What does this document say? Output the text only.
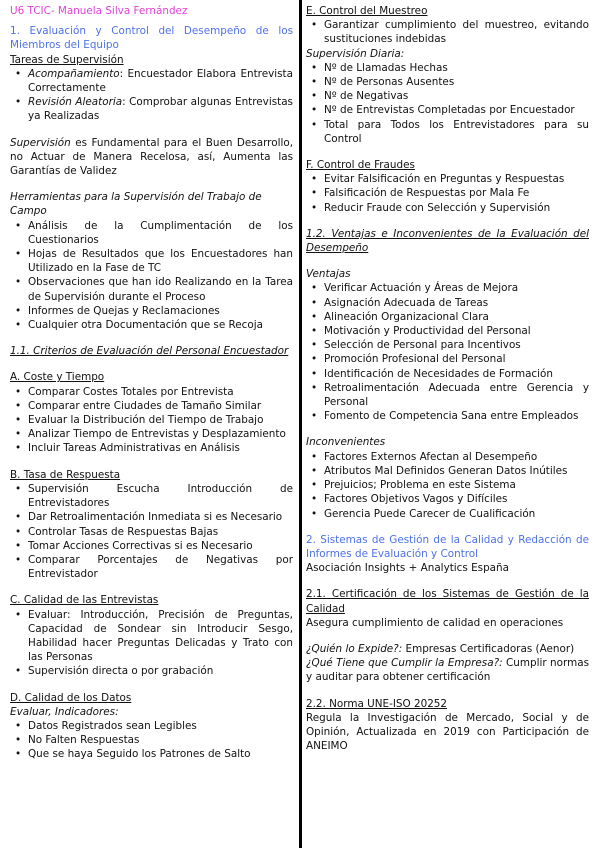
U6 TCIC- Manuela Silva Fernández

1. Evaluación y Control del Desempeño de los Miembros del Equipo

Tareas de Supervisión

• Acompañamiento: Encuestador Elabora Entrevista Correctamente
• Revisión Aleatoria: Comprobar algunas Entrevistas ya Realizadas

Supervisión es Fundamental para el Buen Desarrollo, no Actuar de Manera Recelosa, así, Aumenta las Garantías de Validez

Herramientas para la Supervisión del Trabajo de Campo

• Análisis de la Cumplimentación de los Cuestionarios
• Hojas de Resultados que los Encuestadores han Utilizado en la Fase de TC
• Observaciones que han ido Realizando en la Tarea de Supervisión durante el Proceso
• Informes de Quejas y Reclamaciones
• Cualquier otra Documentación que se Recoja

1.1. Criterios de Evaluación del Personal Encuestador

A. Coste y Tiempo

• Comparar Costes Totales por Entrevista
• Comparar entre Ciudades de Tamaño Similar
• Evaluar la Distribución del Tiempo de Trabajo
• Analizar Tiempo de Entrevistas y Desplazamiento
• Incluir Tareas Administrativas en Análisis

B. Tasa de Respuesta

• Supervisión Escucha Introducción de Entrevistadores
• Dar Retroalimentación Inmediata si es Necesario
• Controlar Tasas de Respuestas Bajas
• Tomar Acciones Correctivas si es Necesario
• Comparar Porcentajes de Negativas por Entrevistador

C. Calidad de las Entrevistas

• Evaluar: Introducción, Precisión de Preguntas, Capacidad de Sondear sin Introducir Sesgo, Habilidad hacer Preguntas Delicadas y Trato con las Personas
• Supervisión directa o por grabación

D. Calidad de los Datos

Evaluar, Indicadores:

• Datos Registrados sean Legibles
• No Falten Respuestas
• Que se haya Seguido los Patrones de Salto

E. Control del Muestreo

• Garantizar cumplimiento del muestreo, evitando sustituciones indebidas

Supervisión Diaria:

• Nº de Llamadas Hechas
• Nº de Personas Ausentes
• Nº de Negativas
• Nº de Entrevistas Completadas por Encuestador
• Total para Todos los Entrevistadores para su Control

F. Control de Fraudes

• Evitar Falsificación en Preguntas y Respuestas
• Falsificación de Respuestas por Mala Fe
• Reducir Fraude con Selección y Supervisión

1.2. Ventajas e Inconvenientes de la Evaluación del Desempeño

Ventajas

• Verificar Actuación y Áreas de Mejora
• Asignación Adecuada de Tareas
• Alineación Organizacional Clara
• Motivación y Productividad del Personal
• Selección de Personal para Incentivos
• Promoción Profesional del Personal
• Identificación de Necesidades de Formación
• Retroalimentación Adecuada entre Gerencia y Personal
• Fomento de Competencia Sana entre Empleados

Inconvenientes

• Factores Externos Afectan al Desempeño
• Atributos Mal Definidos Generan Datos Inútiles
• Prejuicios; Problema en este Sistema
• Factores Objetivos Vagos y Difíciles
• Gerencia Puede Carecer de Cualificación

2. Sistemas de Gestión de la Calidad y Redacción de Informes de Evaluación y Control

Asociación Insights + Analytics España

2.1. Certificación de los Sistemas de Gestión de la Calidad

Asegura cumplimiento de calidad en operaciones

¿Quién lo Expide?: Empresas Certificadoras (Aenor)

¿Qué Tiene que Cumplir la Empresa?: Cumplir normas y auditar para obtener certificación

2.2. Norma UNE-ISO 20252

Regula la Investigación de Mercado, Social y de Opinión, Actualizada en 2019 con Participación de ANEIMO
